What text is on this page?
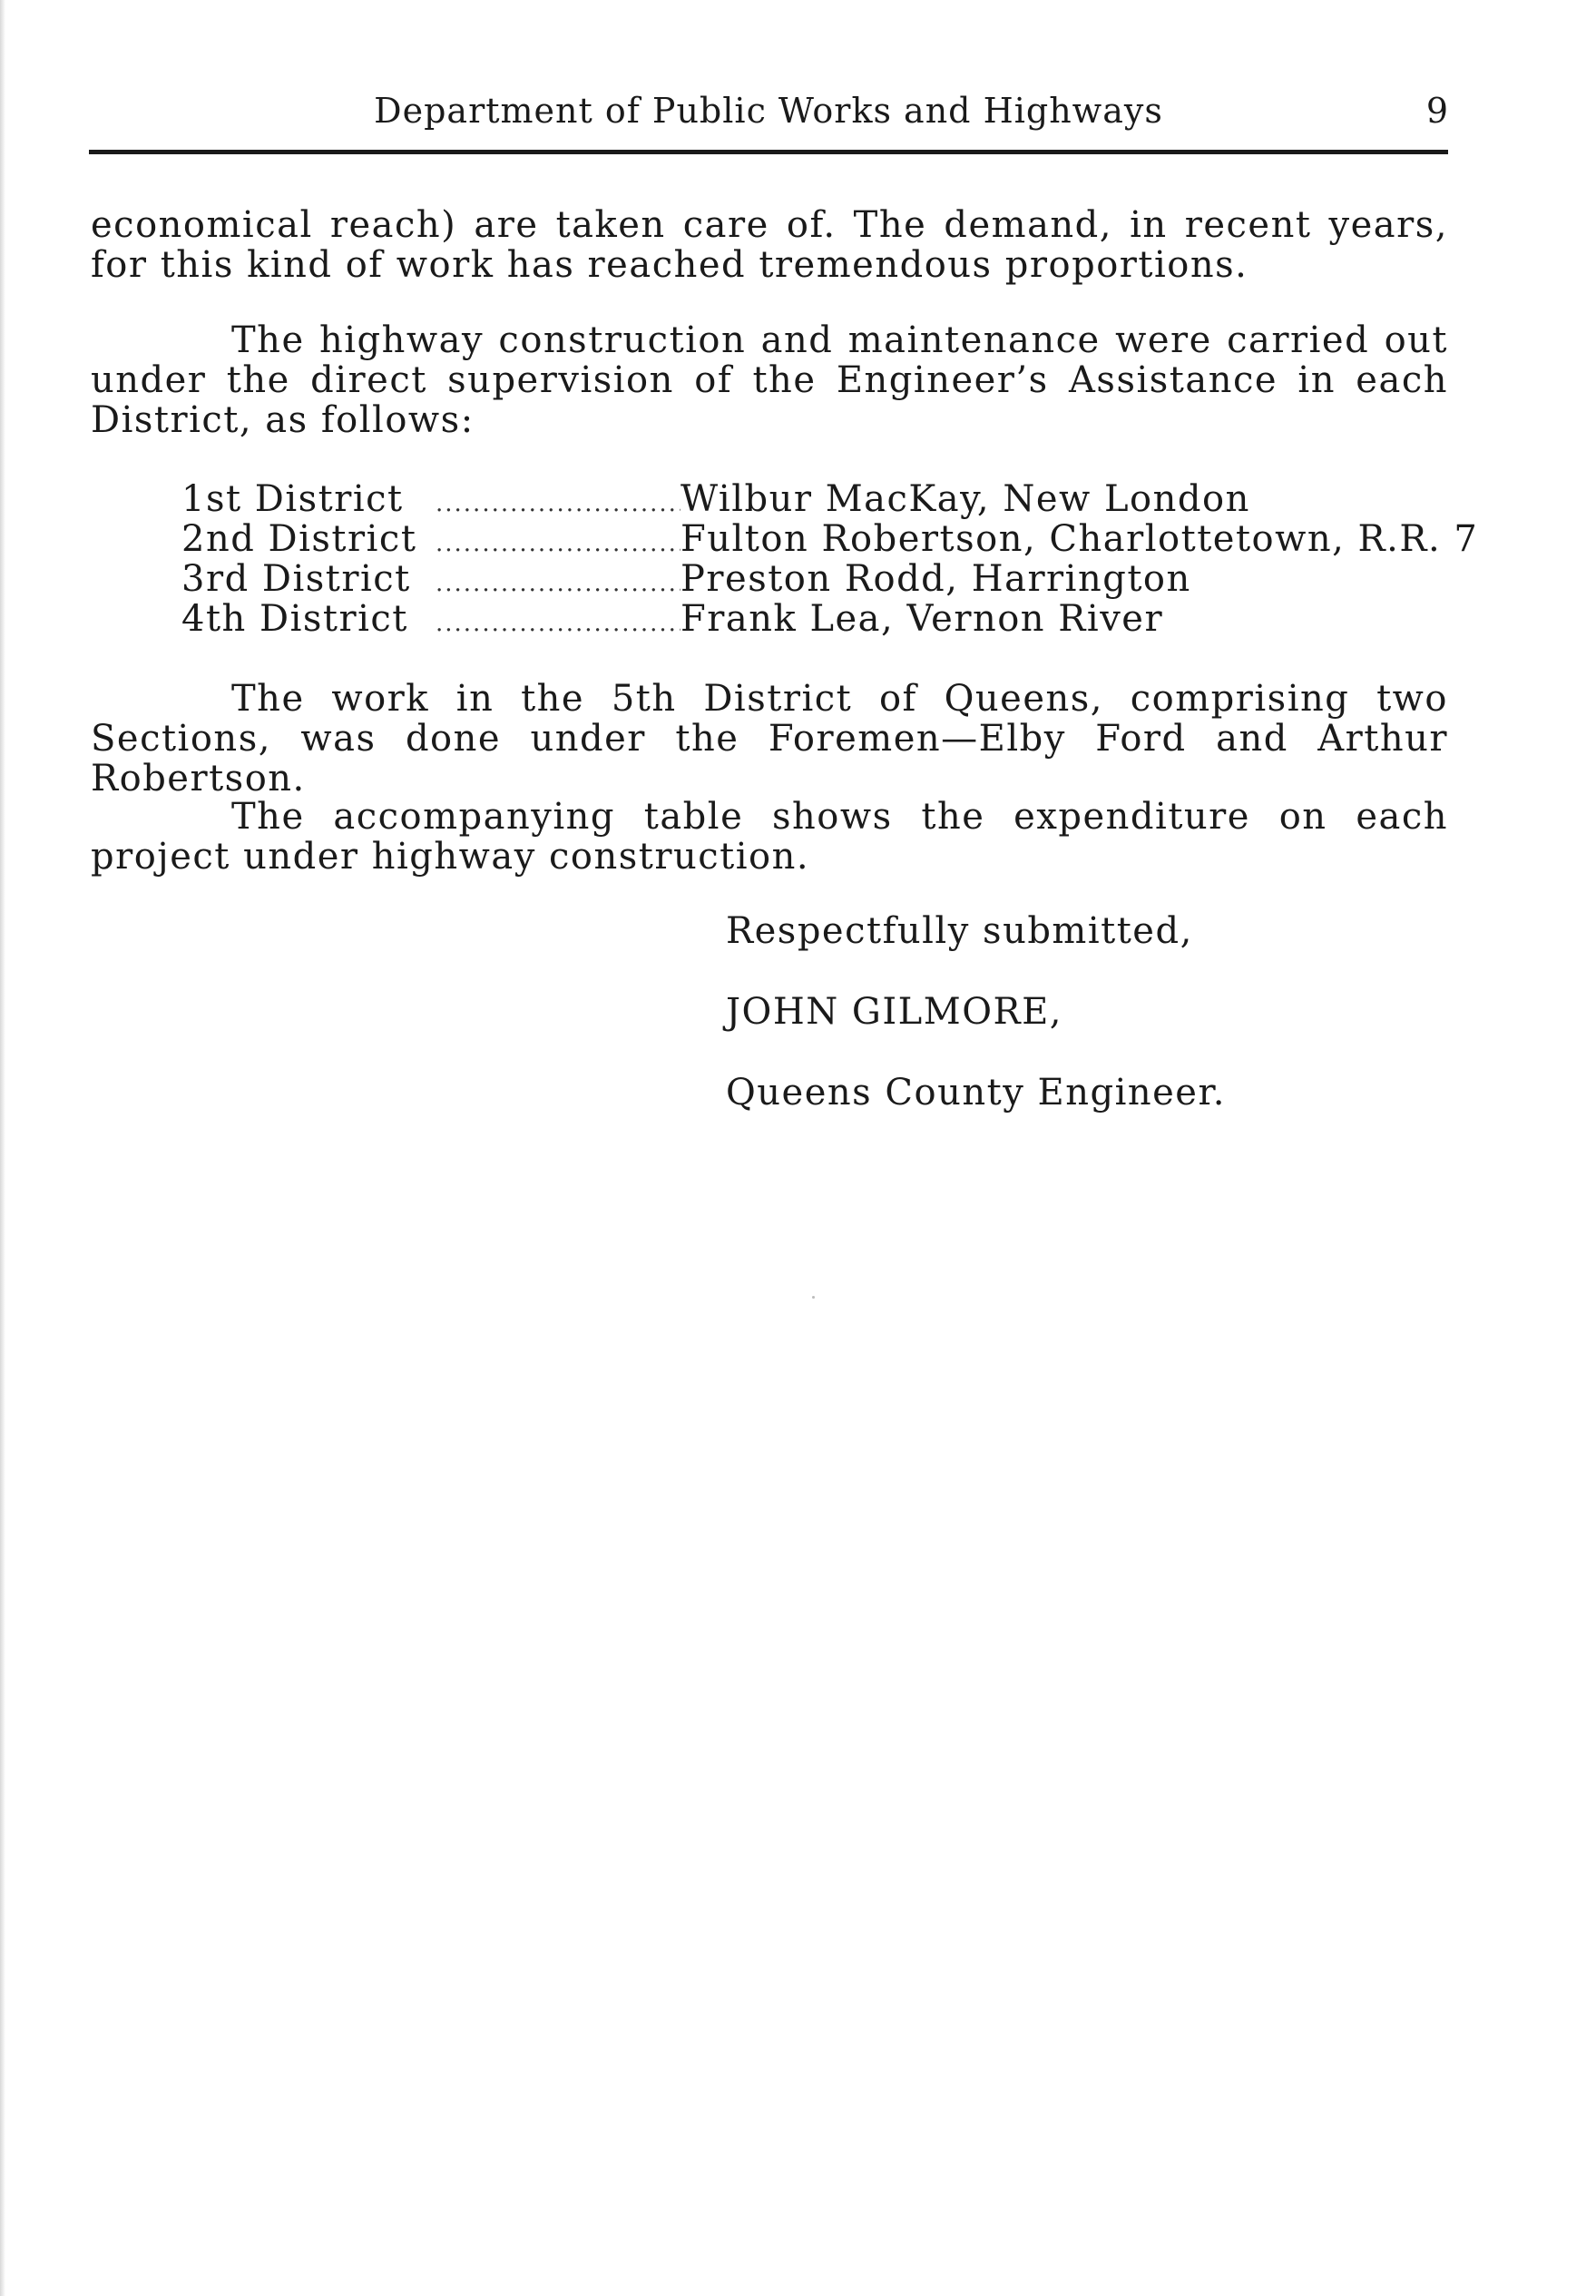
Department of Public Works and Highways	9

economical reach) are taken care of. The demand, in recent years, for this kind of work has reached tremendous proportions.

The highway construction and maintenance were carried out under the direct supervision of the Engineer’s Assistance in each District, as follows:

1st District .....	Wilbur MacKay, New London
2nd District .....	Fulton Robertson, Charlottetown, R.R. 7
3rd District .....	Preston Rodd, Harrington
4th District .....	Frank Lea, Vernon River

The work in the 5th District of Queens, comprising two Sections, was done under the Foremen—Elby Ford and Arthur Robertson.

The accompanying table shows the expenditure on each project under highway construction.

Respectfully submitted,
JOHN GILMORE,
Queens County Engineer.
